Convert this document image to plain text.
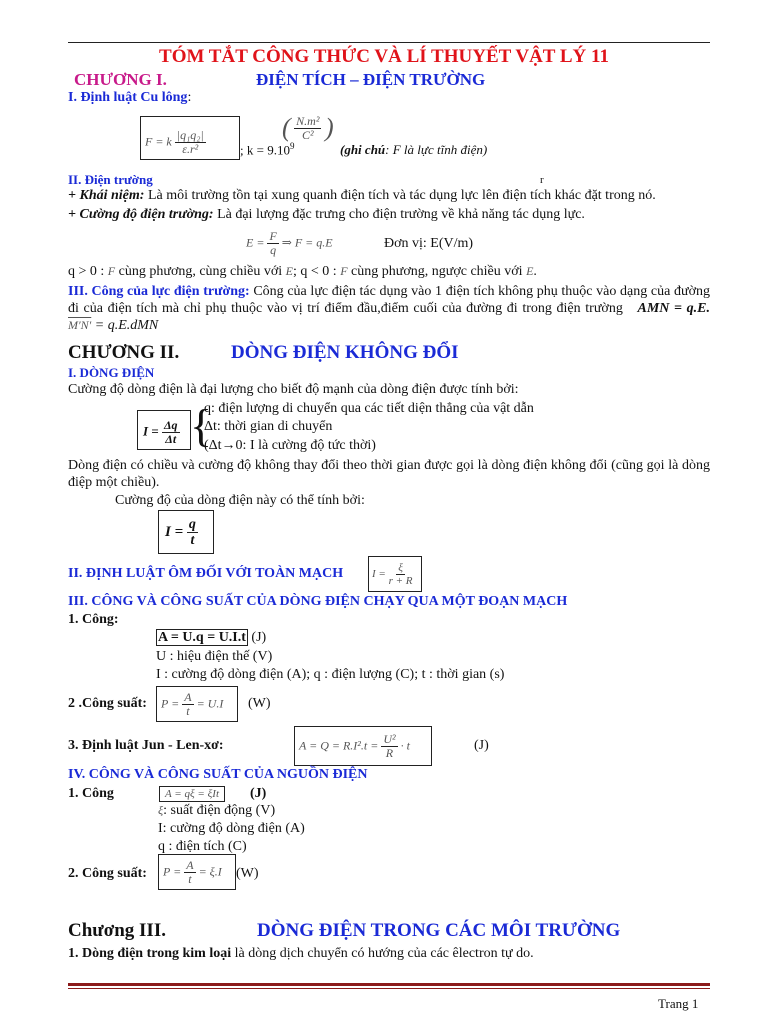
TÓM TẮT CÔNG THỨC VÀ LÍ THUYẾT VẬT LÝ 11
CHƯƠNG I.	ĐIỆN TÍCH – ĐIỆN TRƯỜNG
I. Định luật Cu lông:
F = k $\frac{\text{|q₁q₂|}}{\text{ε.r²}}$	; $k = 9.10^9$
( $\frac{\text{N.m²}}{\text{C²}}$ )
(ghi chú: F là lực tĩnh điện)
r
II. Điện trường
+ Khái niệm: Là môi trường tồn tại xung quanh điện tích và tác dụng lực lên điện tích khác đặt trong nó.
+ Cường độ điện trường: Là đại lượng đặc trưng cho điện trường về khả năng tác dụng lực.
$E = \frac{F}{q}$ ⇒ F = q.E	Đơn vị: E(V/m)
q > 0 : F cùng phương, cùng chiều với E; q < 0 : F cùng phương, ngược chiều với E.
III. Công của lực điện trường: Công của lực điện tác dụng vào 1 điện tích không phụ thuộc vào dạng của đường đi của điện tích mà chỉ phụ thuộc vào vị trí điểm đầu,điểm cuối của đường đi trong điện trường AMN = q.E. M′N′ = q.E.dMN
CHƯƠNG II.	DÒNG ĐIỆN KHÔNG ĐỔI
I. DÒNG ĐIỆN
Cường độ dòng điện là đại lượng cho biết độ mạnh của dòng điện được tính bởi:
$I = \frac{\Delta q}{\Delta t}$ {
q: điện lượng di chuyển qua các tiết diện thẳng của vật dẫn
Δt: thời gian di chuyển
(Δt→0: I là cường độ tức thời)
Dòng điện có chiều và cường độ không thay đổi theo thời gian được gọi là dòng điện không đổi (cũng gọi là dòng điệp một chiều).
Cường độ của dòng điện này có thể tính bởi:
$I = \frac{q}{t}$
II. ĐỊNH LUẬT ÔM ĐỐI VỚI TOÀN MẠCH	$I = \frac{\xi}{r + R}$
III. CÔNG VÀ CÔNG SUẤT CỦA DÒNG ĐIỆN CHẠY QUA MỘT ĐOẠN MẠCH
1. Công:
A = U.q = U.I.t (J)
U : hiệu điện thế (V)
I : cường độ dòng điện (A); q : điện lượng (C); t : thời gian (s)
2 .Công suất: $P = \frac{A}{t} = U.I$ (W)
3. Định luật Jun - Len-xơ:	$A = Q = R.I^2.t = \frac{\text{U²}}{R} \cdot t$	(J)
IV. CÔNG VÀ CÔNG SUẤT CỦA NGUỒN ĐIỆN
1. Công	A = qξ = ξIt	(J)
ξ: suất điện động (V)
I: cường độ dòng điện (A)
q : điện tích (C)
2. Công suất: $P = \frac{A}{t} = \xi.I$ (W)
Chương III.	DÒNG ĐIỆN TRONG CÁC MÔI TRƯỜNG
1. Dòng điện trong kim loại là dòng dịch chuyển có hướng của các êlectron tự do.
Trang 1
